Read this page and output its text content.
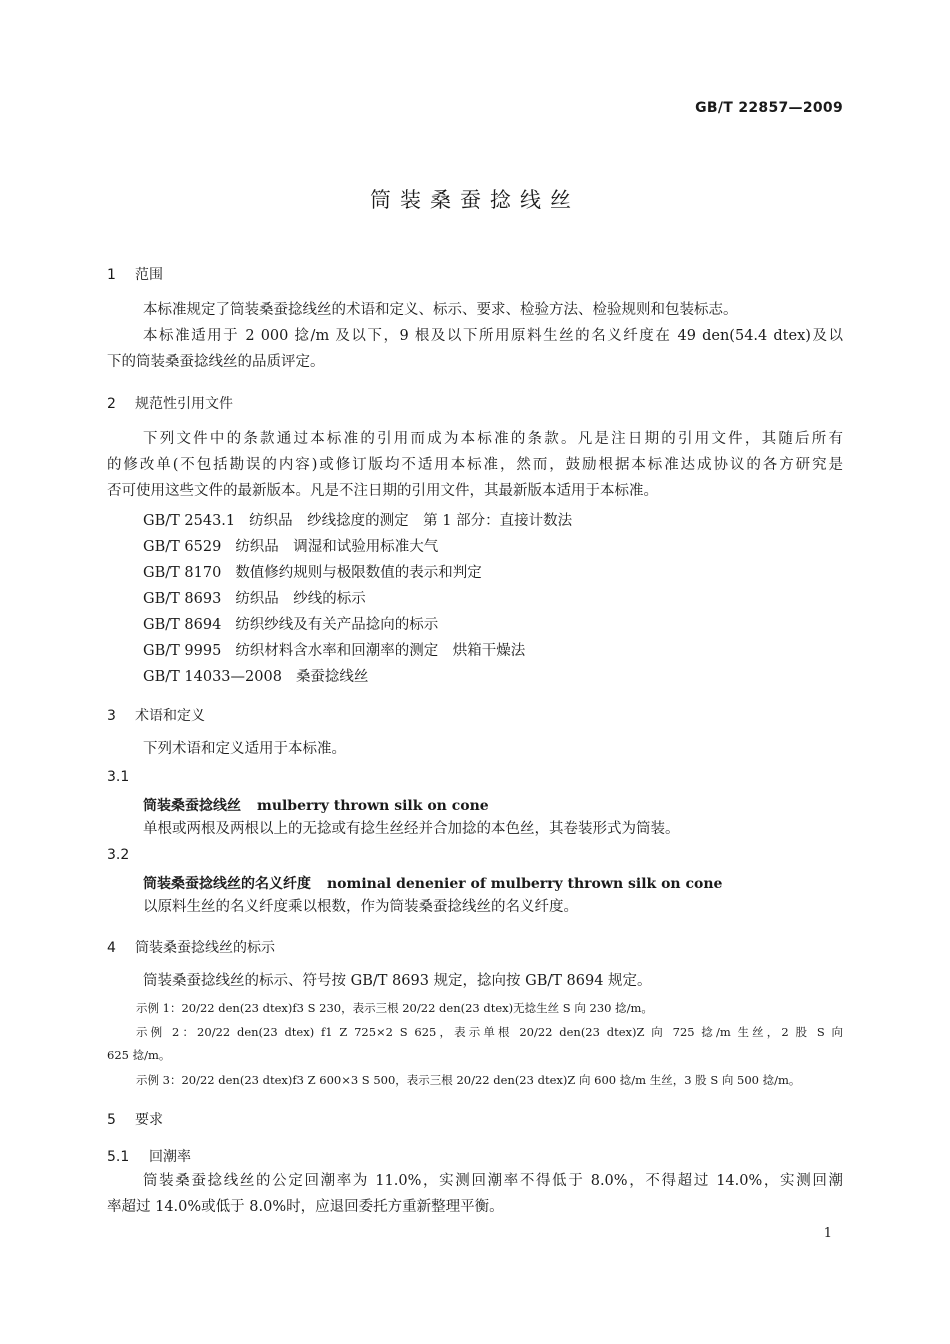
GB/T 22857—2009
筒装桑蚕捻线丝
1 范围
本标准规定了筒装桑蚕捻线丝的术语和定义、标示、要求、检验方法、检验规则和包装标志。
本标准适用于 2 000 捻/m 及以下，9 根及以下所用原料生丝的名义纤度在 49 den(54.4 dtex)及以
下的筒装桑蚕捻线丝的品质评定。
2 规范性引用文件
下列文件中的条款通过本标准的引用而成为本标准的条款。凡是注日期的引用文件，其随后所有
的修改单(不包括勘误的内容)或修订版均不适用本标准，然而，鼓励根据本标准达成协议的各方研究是
否可使用这些文件的最新版本。凡是不注日期的引用文件，其最新版本适用于本标准。
GB/T 2543.1 纺织品　纱线捻度的测定　第 1 部分：直接计数法
GB/T 6529 纺织品　调湿和试验用标准大气
GB/T 8170 数值修约规则与极限数值的表示和判定
GB/T 8693 纺织品　纱线的标示
GB/T 8694 纺织纱线及有关产品捻向的标示
GB/T 9995 纺织材料含水率和回潮率的测定　烘箱干燥法
GB/T 14033—2008 桑蚕捻线丝
3 术语和定义
下列术语和定义适用于本标准。
3.1
筒装桑蚕捻线丝 mulberry thrown silk on cone
单根或两根及两根以上的无捻或有捻生丝经并合加捻的本色丝，其卷装形式为筒装。
3.2
筒装桑蚕捻线丝的名义纤度 nominal denenier of mulberry thrown silk on cone
以原料生丝的名义纤度乘以根数，作为筒装桑蚕捻线丝的名义纤度。
4 筒装桑蚕捻线丝的标示
筒装桑蚕捻线丝的标示、符号按 GB/T 8693 规定，捻向按 GB/T 8694 规定。
示例 1：20/22 den(23 dtex)f3 S 230，表示三根 20/22 den(23 dtex)无捻生丝 S 向 230 捻/m。
示例 2：20/22 den(23 dtex) f1 Z 725×2 S 625，表示单根 20/22 den(23 dtex)Z 向 725 捻/m 生丝，2 股 S 向
625 捻/m。
示例 3：20/22 den(23 dtex)f3 Z 600×3 S 500，表示三根 20/22 den(23 dtex)Z 向 600 捻/m 生丝，3 股 S 向 500 捻/m。
5 要求
5.1 回潮率
筒装桑蚕捻线丝的公定回潮率为 11.0%，实测回潮率不得低于 8.0%，不得超过 14.0%，实测回潮
率超过 14.0%或低于 8.0%时，应退回委托方重新整理平衡。
1
